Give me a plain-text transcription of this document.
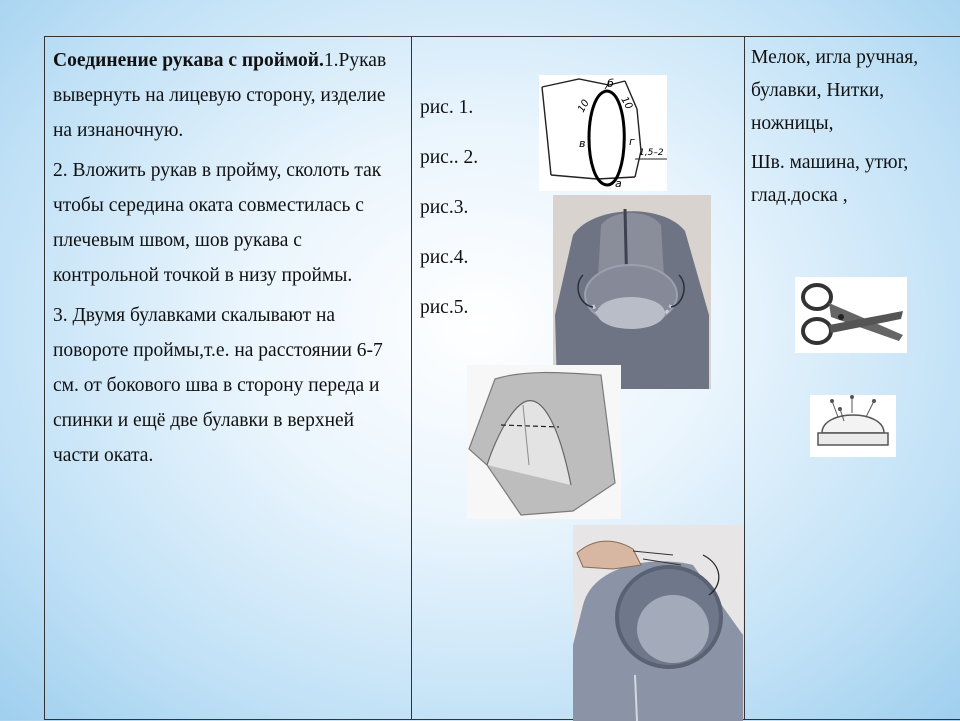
Соединение рукава с проймой.1.Рукав вывернуть на лицевую сторону, изделие на изнаночную.

2. Вложить рукав в пройму, сколоть так чтобы середина оката совместилась с плечевым швом, шов рукава с контрольной точкой в низу проймы.

3. Двумя булавками скалывают на повороте проймы,т.е. на расстоянии 6-7 см. от бокового шва в сторону переда и спинки и ещё две булавки в верхней части оката.

рис. 1.
рис.. 2.
рис.3.
рис.4.
рис.5.
б
10	10
в	г
1,5–2
а

Мелок, игла ручная, булавки, Нитки, ножницы,

Шв. машина, утюг, глад.доска ,
